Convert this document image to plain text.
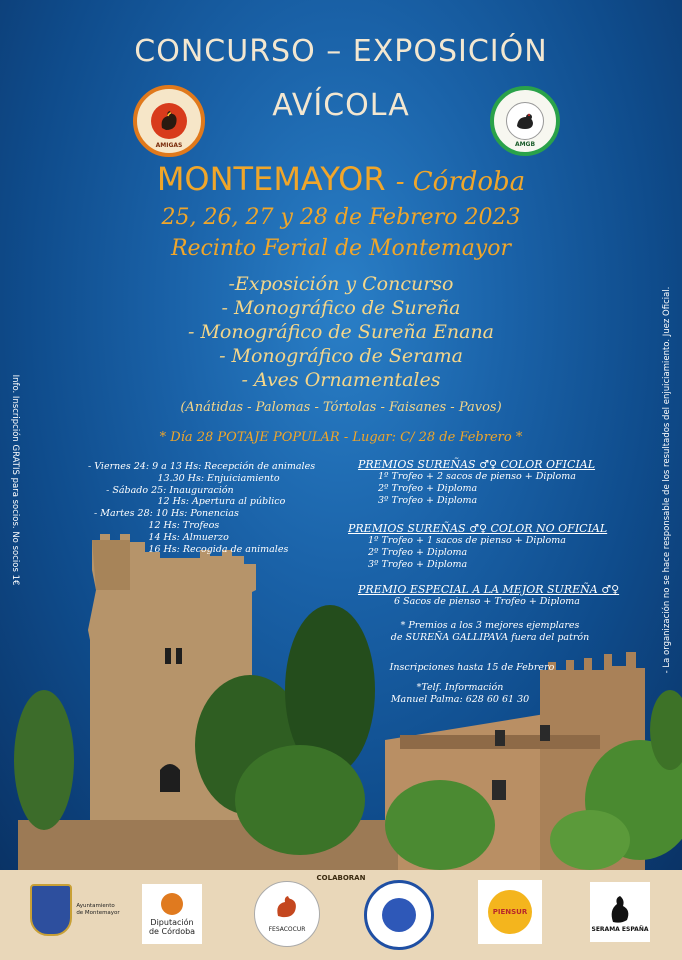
CONCURSO – EXPOSICIÓN
AVÍCOLA
AMIGAS	AMGB
MONTEMAYOR - Córdoba
25, 26, 27 y 28 de Febrero 2023
Recinto Ferial de Montemayor
-Exposición y Concurso
- Monográfico de Sureña
- Monográfico de Sureña Enana
- Monográfico de Serama
- Aves Ornamentales
(Anátidas - Palomas - Tórtolas - Faisanes - Pavos)
* Día 28 POTAJE POPULAR - Lugar: C/ 28 de Febrero *
- Viernes 24: 9 a 13 Hs: Recepción de animales
13.30 Hs: Enjuiciamiento
- Sábado 25: Inauguración
12 Hs: Apertura al público
- Martes 28: 10 Hs: Ponencias
12 Hs: Trofeos
14 Hs: Almuerzo
16 Hs: Recogida de animales
PREMIOS SUREÑAS ♂♀ COLOR OFICIAL
1º Trofeo + 2 sacos de pienso + Diploma
2º Trofeo + Diploma
3º Trofeo + Diploma
PREMIOS SUREÑAS ♂♀ COLOR NO OFICIAL
1º Trofeo + 1 sacos de pienso + Diploma
2º Trofeo + Diploma
3º Trofeo + Diploma
PREMIO ESPECIAL A LA MEJOR SUREÑA ♂♀
6 Sacos de pienso + Trofeo + Diploma
* Premios a los 3 mejores ejemplares
de SUREÑA GALLIPAVA fuera del patrón
Inscripciones hasta 15 de Febrero
*Telf. Información
Manuel Palma: 628 60 61 30
Info. Inscripción GRATIS para socios. No socios 1€	- La organización no se hace responsable de los resultados del enjuiciamiento. Juez Oficial.
COLABORAN
Ayuntamiento
de Montemayor
Diputación
de Córdoba	FESACOCUR
PIENSUR
SERAMA ESPAÑA
